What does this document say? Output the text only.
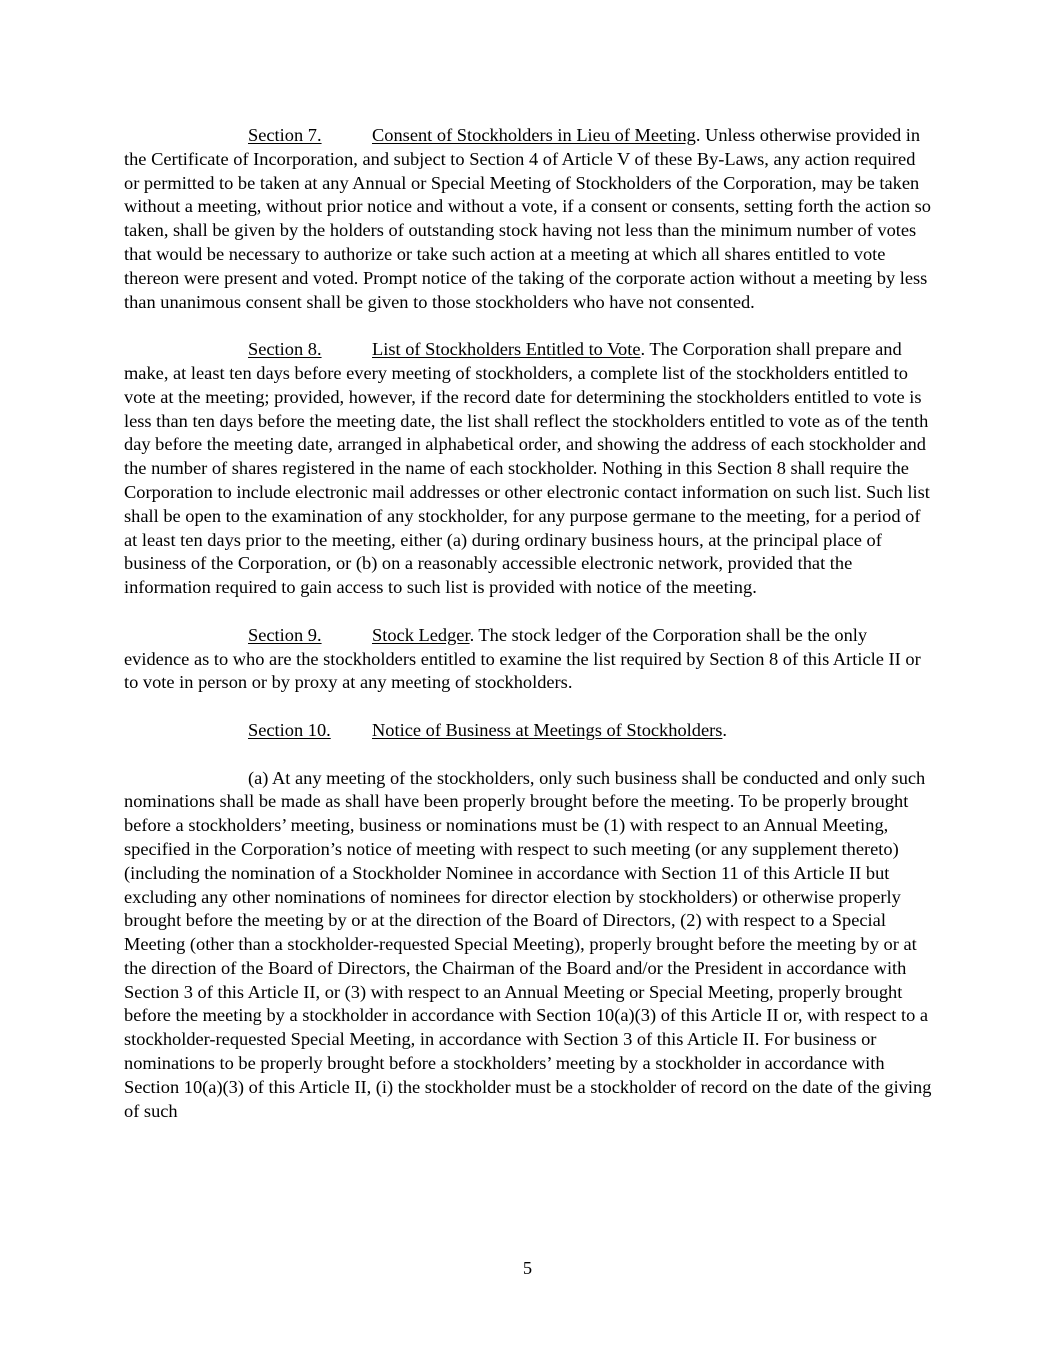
Section 7.	Consent of Stockholders in Lieu of Meeting. Unless otherwise provided in the Certificate of Incorporation, and subject to Section 4 of Article V of these By-Laws, any action required or permitted to be taken at any Annual or Special Meeting of Stockholders of the Corporation, may be taken without a meeting, without prior notice and without a vote, if a consent or consents, setting forth the action so taken, shall be given by the holders of outstanding stock having not less than the minimum number of votes that would be necessary to authorize or take such action at a meeting at which all shares entitled to vote thereon were present and voted. Prompt notice of the taking of the corporate action without a meeting by less than unanimous consent shall be given to those stockholders who have not consented.

Section 8.	List of Stockholders Entitled to Vote. The Corporation shall prepare and make, at least ten days before every meeting of stockholders, a complete list of the stockholders entitled to vote at the meeting; provided, however, if the record date for determining the stockholders entitled to vote is less than ten days before the meeting date, the list shall reflect the stockholders entitled to vote as of the tenth day before the meeting date, arranged in alphabetical order, and showing the address of each stockholder and the number of shares registered in the name of each stockholder. Nothing in this Section 8 shall require the Corporation to include electronic mail addresses or other electronic contact information on such list. Such list shall be open to the examination of any stockholder, for any purpose germane to the meeting, for a period of at least ten days prior to the meeting, either (a) during ordinary business hours, at the principal place of business of the Corporation, or (b) on a reasonably accessible electronic network, provided that the information required to gain access to such list is provided with notice of the meeting.

Section 9.	Stock Ledger. The stock ledger of the Corporation shall be the only evidence as to who are the stockholders entitled to examine the list required by Section 8 of this Article II or to vote in person or by proxy at any meeting of stockholders.

Section 10. Notice of Business at Meetings of Stockholders.

(a) At any meeting of the stockholders, only such business shall be conducted and only such nominations shall be made as shall have been properly brought before the meeting. To be properly brought before a stockholders’ meeting, business or nominations must be (1) with respect to an Annual Meeting, specified in the Corporation’s notice of meeting with respect to such meeting (or any supplement thereto) (including the nomination of a Stockholder Nominee in accordance with Section 11 of this Article II but excluding any other nominations of nominees for director election by stockholders) or otherwise properly brought before the meeting by or at the direction of the Board of Directors, (2) with respect to a Special Meeting (other than a stockholder-requested Special Meeting), properly brought before the meeting by or at the direction of the Board of Directors, the Chairman of the Board and/or the President in accordance with Section 3 of this Article II, or (3) with respect to an Annual Meeting or Special Meeting, properly brought before the meeting by a stockholder in accordance with Section 10(a)(3) of this Article II or, with respect to a stockholder-requested Special Meeting, in accordance with Section 3 of this Article II. For business or nominations to be properly brought before a stockholders’ meeting by a stockholder in accordance with Section 10(a)(3) of this Article II, (i) the stockholder must be a stockholder of record on the date of the giving of such

5
